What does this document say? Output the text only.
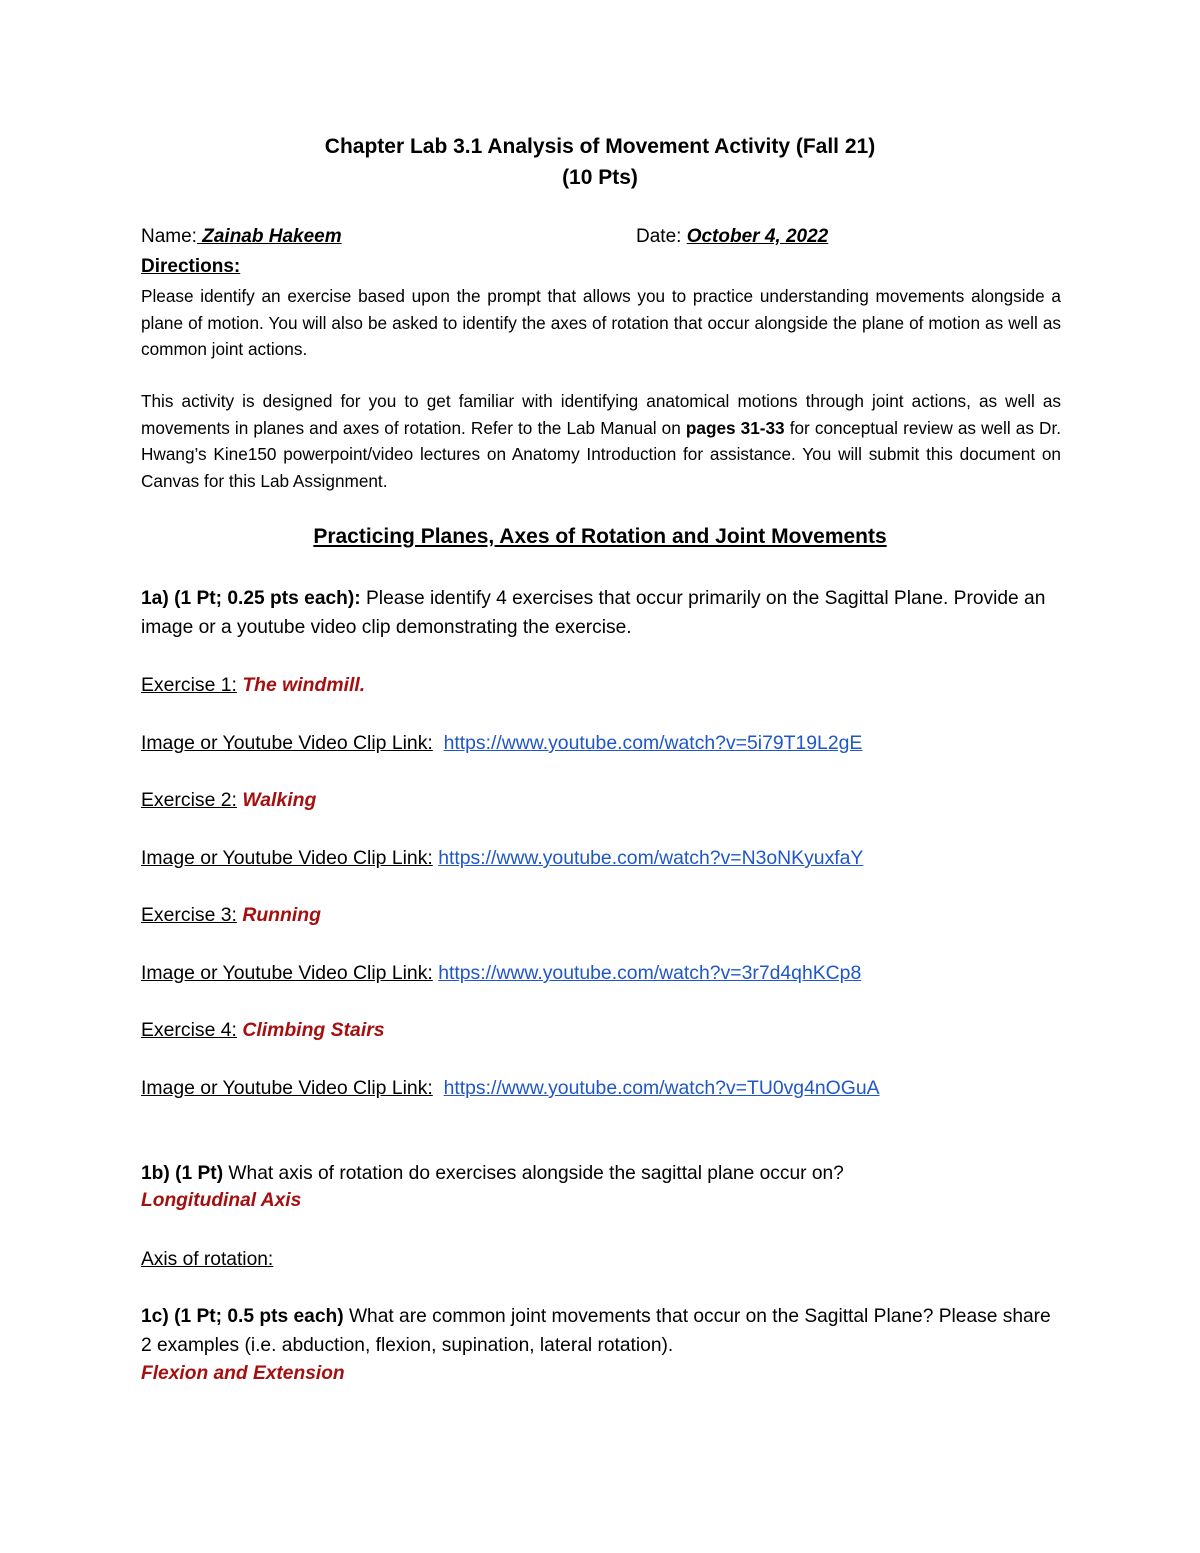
Chapter Lab 3.1 Analysis of Movement Activity (Fall 21)
(10 Pts)
Name: Zainab Hakeem	Date: October 4, 2022
Directions:
Please identify an exercise based upon the prompt that allows you to practice understanding movements alongside a plane of motion. You will also be asked to identify the axes of rotation that occur alongside the plane of motion as well as common joint actions.
This activity is designed for you to get familiar with identifying anatomical motions through joint actions, as well as movements in planes and axes of rotation. Refer to the Lab Manual on pages 31-33 for conceptual review as well as Dr. Hwang’s Kine150 powerpoint/video lectures on Anatomy Introduction for assistance. You will submit this document on Canvas for this Lab Assignment.
Practicing Planes, Axes of Rotation and Joint Movements
1a) (1 Pt; 0.25 pts each): Please identify 4 exercises that occur primarily on the Sagittal Plane. Provide an image or a youtube video clip demonstrating the exercise.
Exercise 1: The windmill.
Image or Youtube Video Clip Link: https://www.youtube.com/watch?v=5i79T19L2gE
Exercise 2: Walking
Image or Youtube Video Clip Link: https://www.youtube.com/watch?v=N3oNKyuxfaY
Exercise 3: Running
Image or Youtube Video Clip Link: https://www.youtube.com/watch?v=3r7d4qhKCp8
Exercise 4: Climbing Stairs
Image or Youtube Video Clip Link: https://www.youtube.com/watch?v=TU0vg4nOGuA
1b) (1 Pt) What axis of rotation do exercises alongside the sagittal plane occur on?
Longitudinal Axis
Axis of rotation:
1c) (1 Pt; 0.5 pts each) What are common joint movements that occur on the Sagittal Plane? Please share 2 examples (i.e. abduction, flexion, supination, lateral rotation).
Flexion and Extension
